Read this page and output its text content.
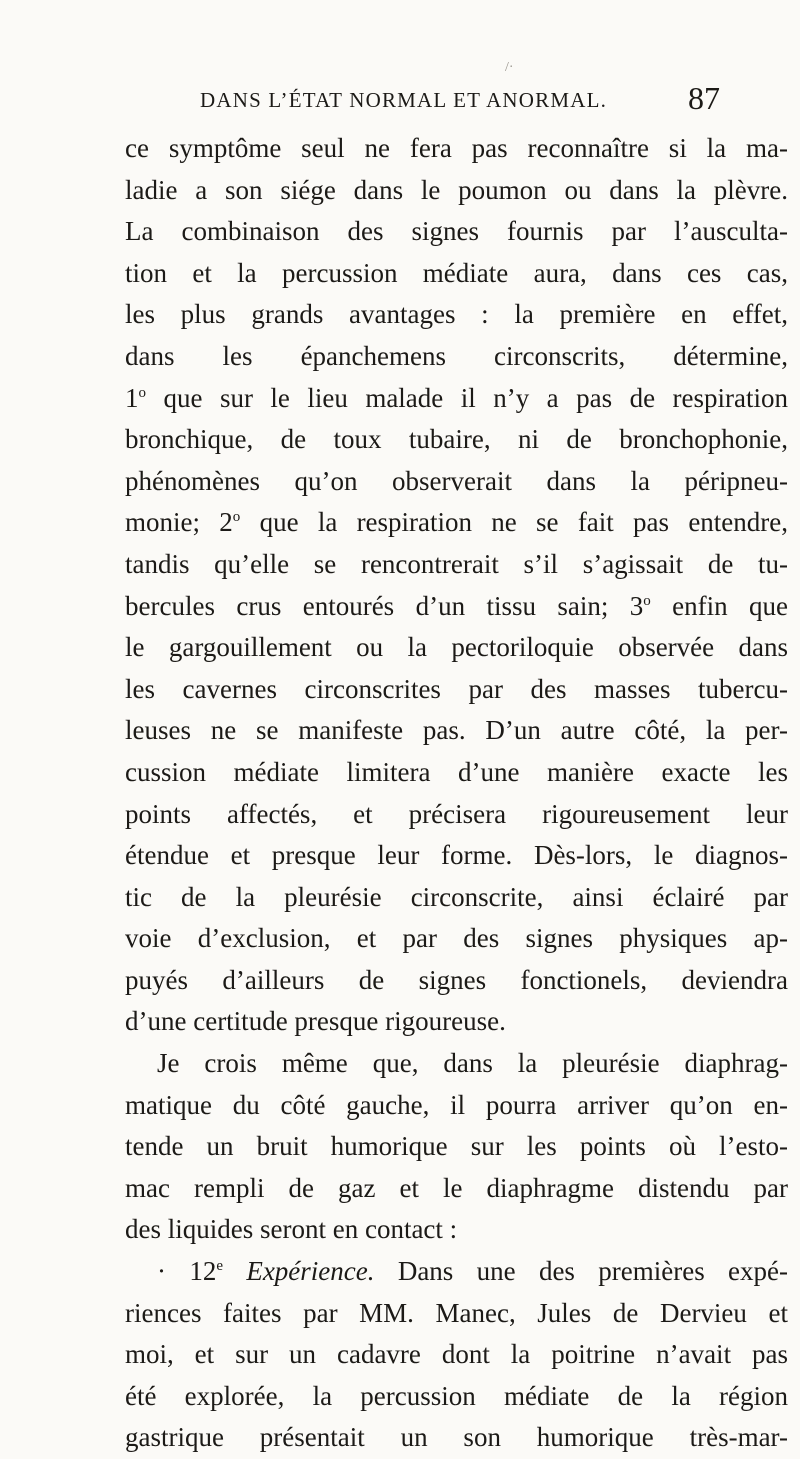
/·
DANS L’ÉTAT NORMAL ET ANORMAL.	87
ce symptôme seul ne fera pas reconnaître si la ma-
ladie a son siége dans le poumon ou dans la plèvre.
La combinaison des signes fournis par l’ausculta-
tion et la percussion médiate aura, dans ces cas,
les plus grands avantages : la première en effet,
dans les épanchemens circonscrits, détermine,
1$^o$ que sur le lieu malade il n’y a pas de respiration
bronchique, de toux tubaire, ni de bronchophonie,
phénomènes qu’on observerait dans la péripneu-
monie; 2$^o$ que la respiration ne se fait pas entendre,
tandis qu’elle se rencontrerait s’il s’agissait de tu-
bercules crus entourés d’un tissu sain; 3$^o$ enfin que
le gargouillement ou la pectoriloquie observée dans
les cavernes circonscrites par des masses tubercu-
leuses ne se manifeste pas. D’un autre côté, la per-
cussion médiate limitera d’une manière exacte les
points affectés, et précisera rigoureusement leur
étendue et presque leur forme. Dès-lors, le diagnos-
tic de la pleurésie circonscrite, ainsi éclairé par
voie d’exclusion, et par des signes physiques ap-
puyés d’ailleurs de signes fonctionels, deviendra
d’une certitude presque rigoureuse.
Je crois même que, dans la pleurésie diaphrag-
matique du côté gauche, il pourra arriver qu’on en-
tende un bruit humorique sur les points où l’esto-
mac rempli de gaz et le diaphragme distendu par
des liquides seront en contact :
· $12^e$ Expérience. Dans une des premières expé-
riences faites par MM. Manec, Jules de Dervieu et
moi, et sur un cadavre dont la poitrine n’avait pas
été explorée, la percussion médiate de la région
gastrique présentait un son humorique très-mar-
